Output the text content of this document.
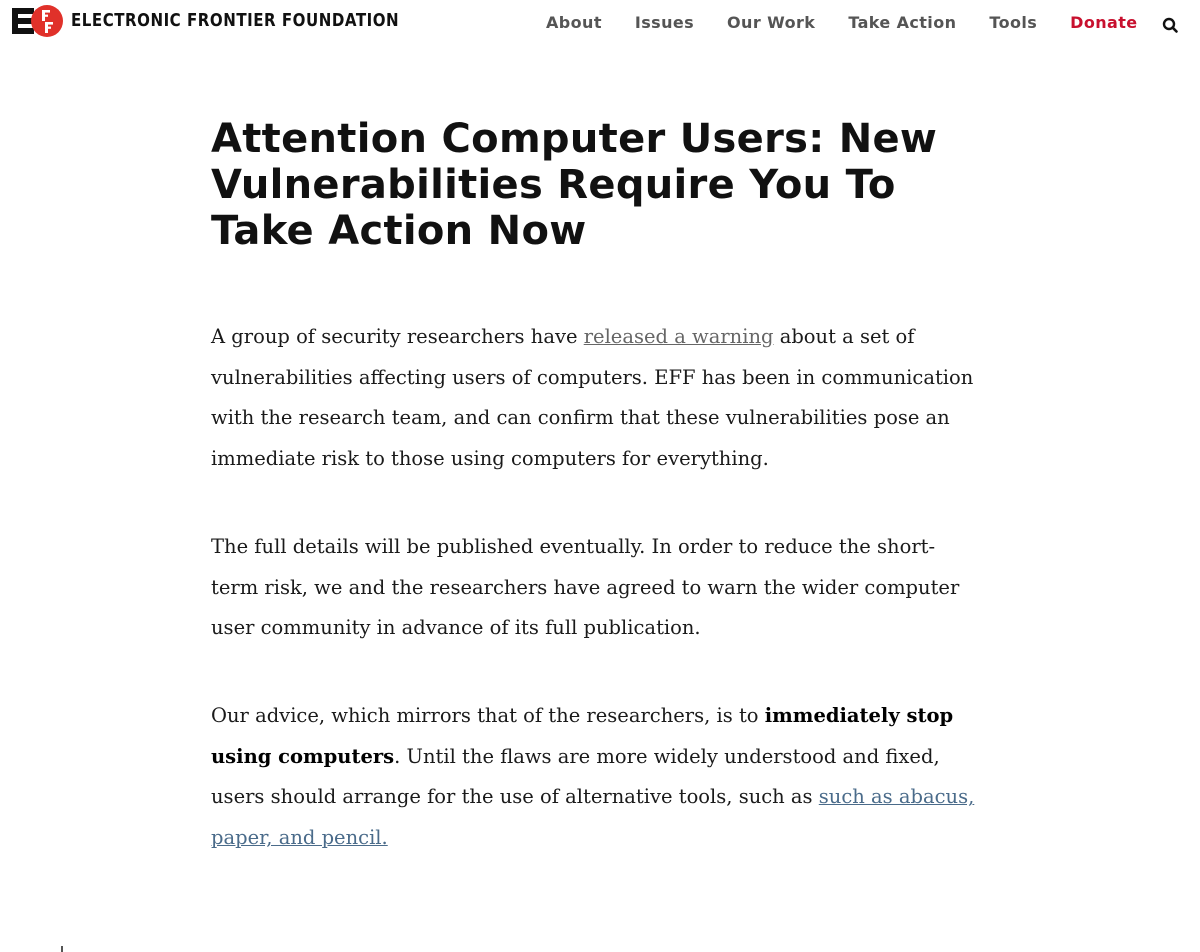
ELECTRONIC FRONTIER FOUNDATION	About Issues Our Work Take Action Tools Donate
Attention Computer Users: New Vulnerabilities Require You To Take Action Now

A group of security researchers have released a warning about a set of vulnerabilities affecting users of computers. EFF has been in communication with the research team, and can confirm that these vulnerabilities pose an immediate risk to those using computers for everything.

The full details will be published eventually. In order to reduce the short-term risk, we and the researchers have agreed to warn the wider computer user community in advance of its full publication.

Our advice, which mirrors that of the researchers, is to immediately stop using computers. Until the flaws are more widely understood and fixed, users should arrange for the use of alternative tools, such as such as abacus, paper, and pencil.
